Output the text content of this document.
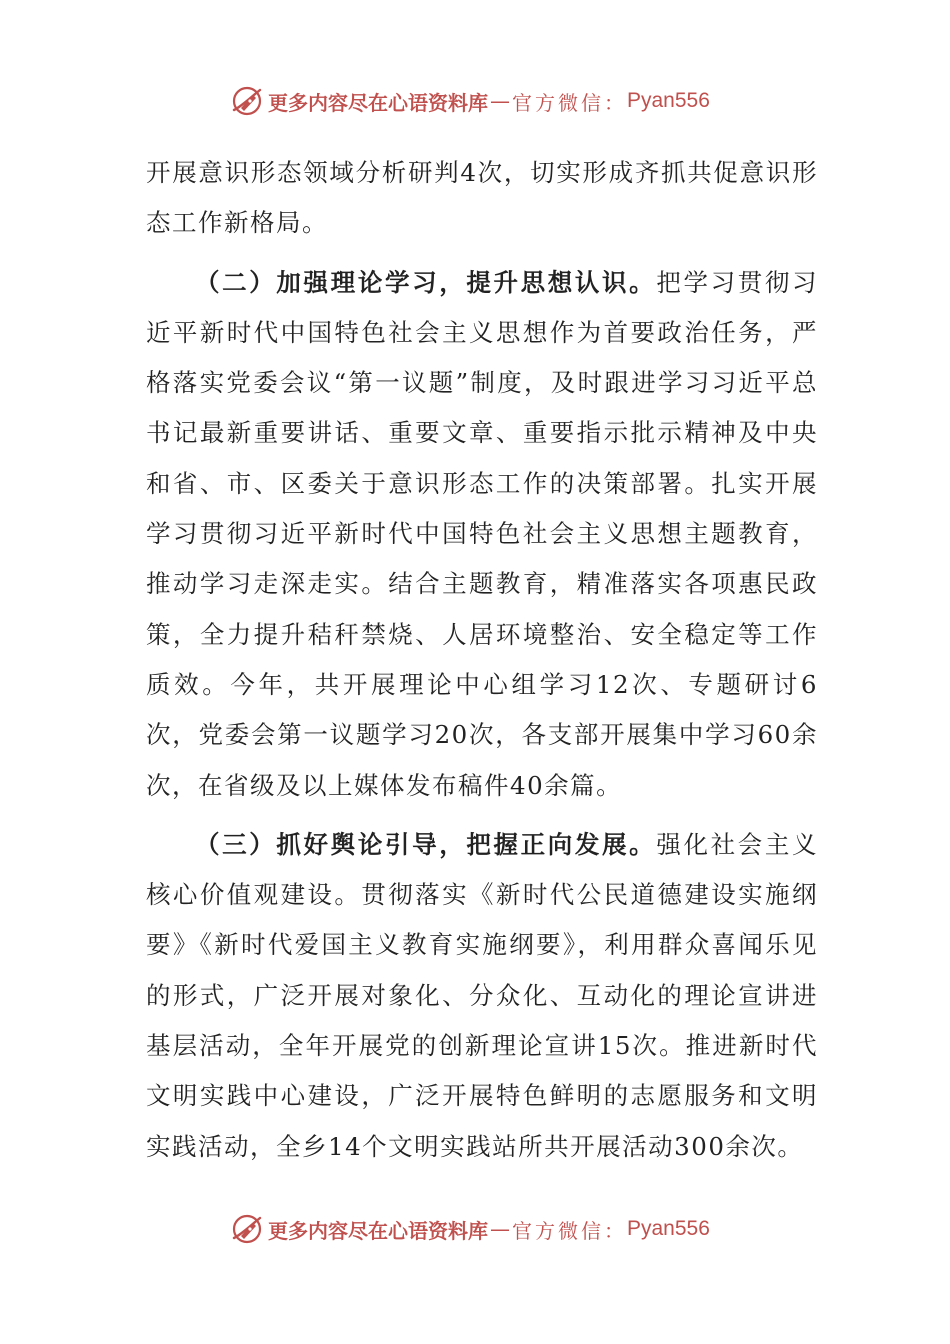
更多内容尽在心语资料库 — 官方微信： Pyan556

开展意识形态领域分析研判4次，切实形成齐抓共促意识形态工作新格局。

（二）加强理论学习，提升思想认识。把学习贯彻习近平新时代中国特色社会主义思想作为首要政治任务，严格落实党委会议“第一议题”制度，及时跟进学习习近平总书记最新重要讲话、重要文章、重要指示批示精神及中央和省、市、区委关于意识形态工作的决策部署。扎实开展学习贯彻习近平新时代中国特色社会主义思想主题教育，推动学习走深走实。结合主题教育，精准落实各项惠民政策，全力提升秸秆禁烧、人居环境整治、安全稳定等工作质效。今年，共开展理论中心组学习12次、专题研讨6次，党委会第一议题学习20次，各支部开展集中学习60余次，在省级及以上媒体发布稿件40余篇。

（三）抓好舆论引导，把握正向发展。强化社会主义核心价值观建设。贯彻落实《新时代公民道德建设实施纲要》《新时代爱国主义教育实施纲要》，利用群众喜闻乐见的形式，广泛开展对象化、分众化、互动化的理论宣讲进基层活动，全年开展党的创新理论宣讲15次。推进新时代文明实践中心建设，广泛开展特色鲜明的志愿服务和文明实践活动，全乡14个文明实践站所共开展活动300余次。

更多内容尽在心语资料库 — 官方微信： Pyan556
